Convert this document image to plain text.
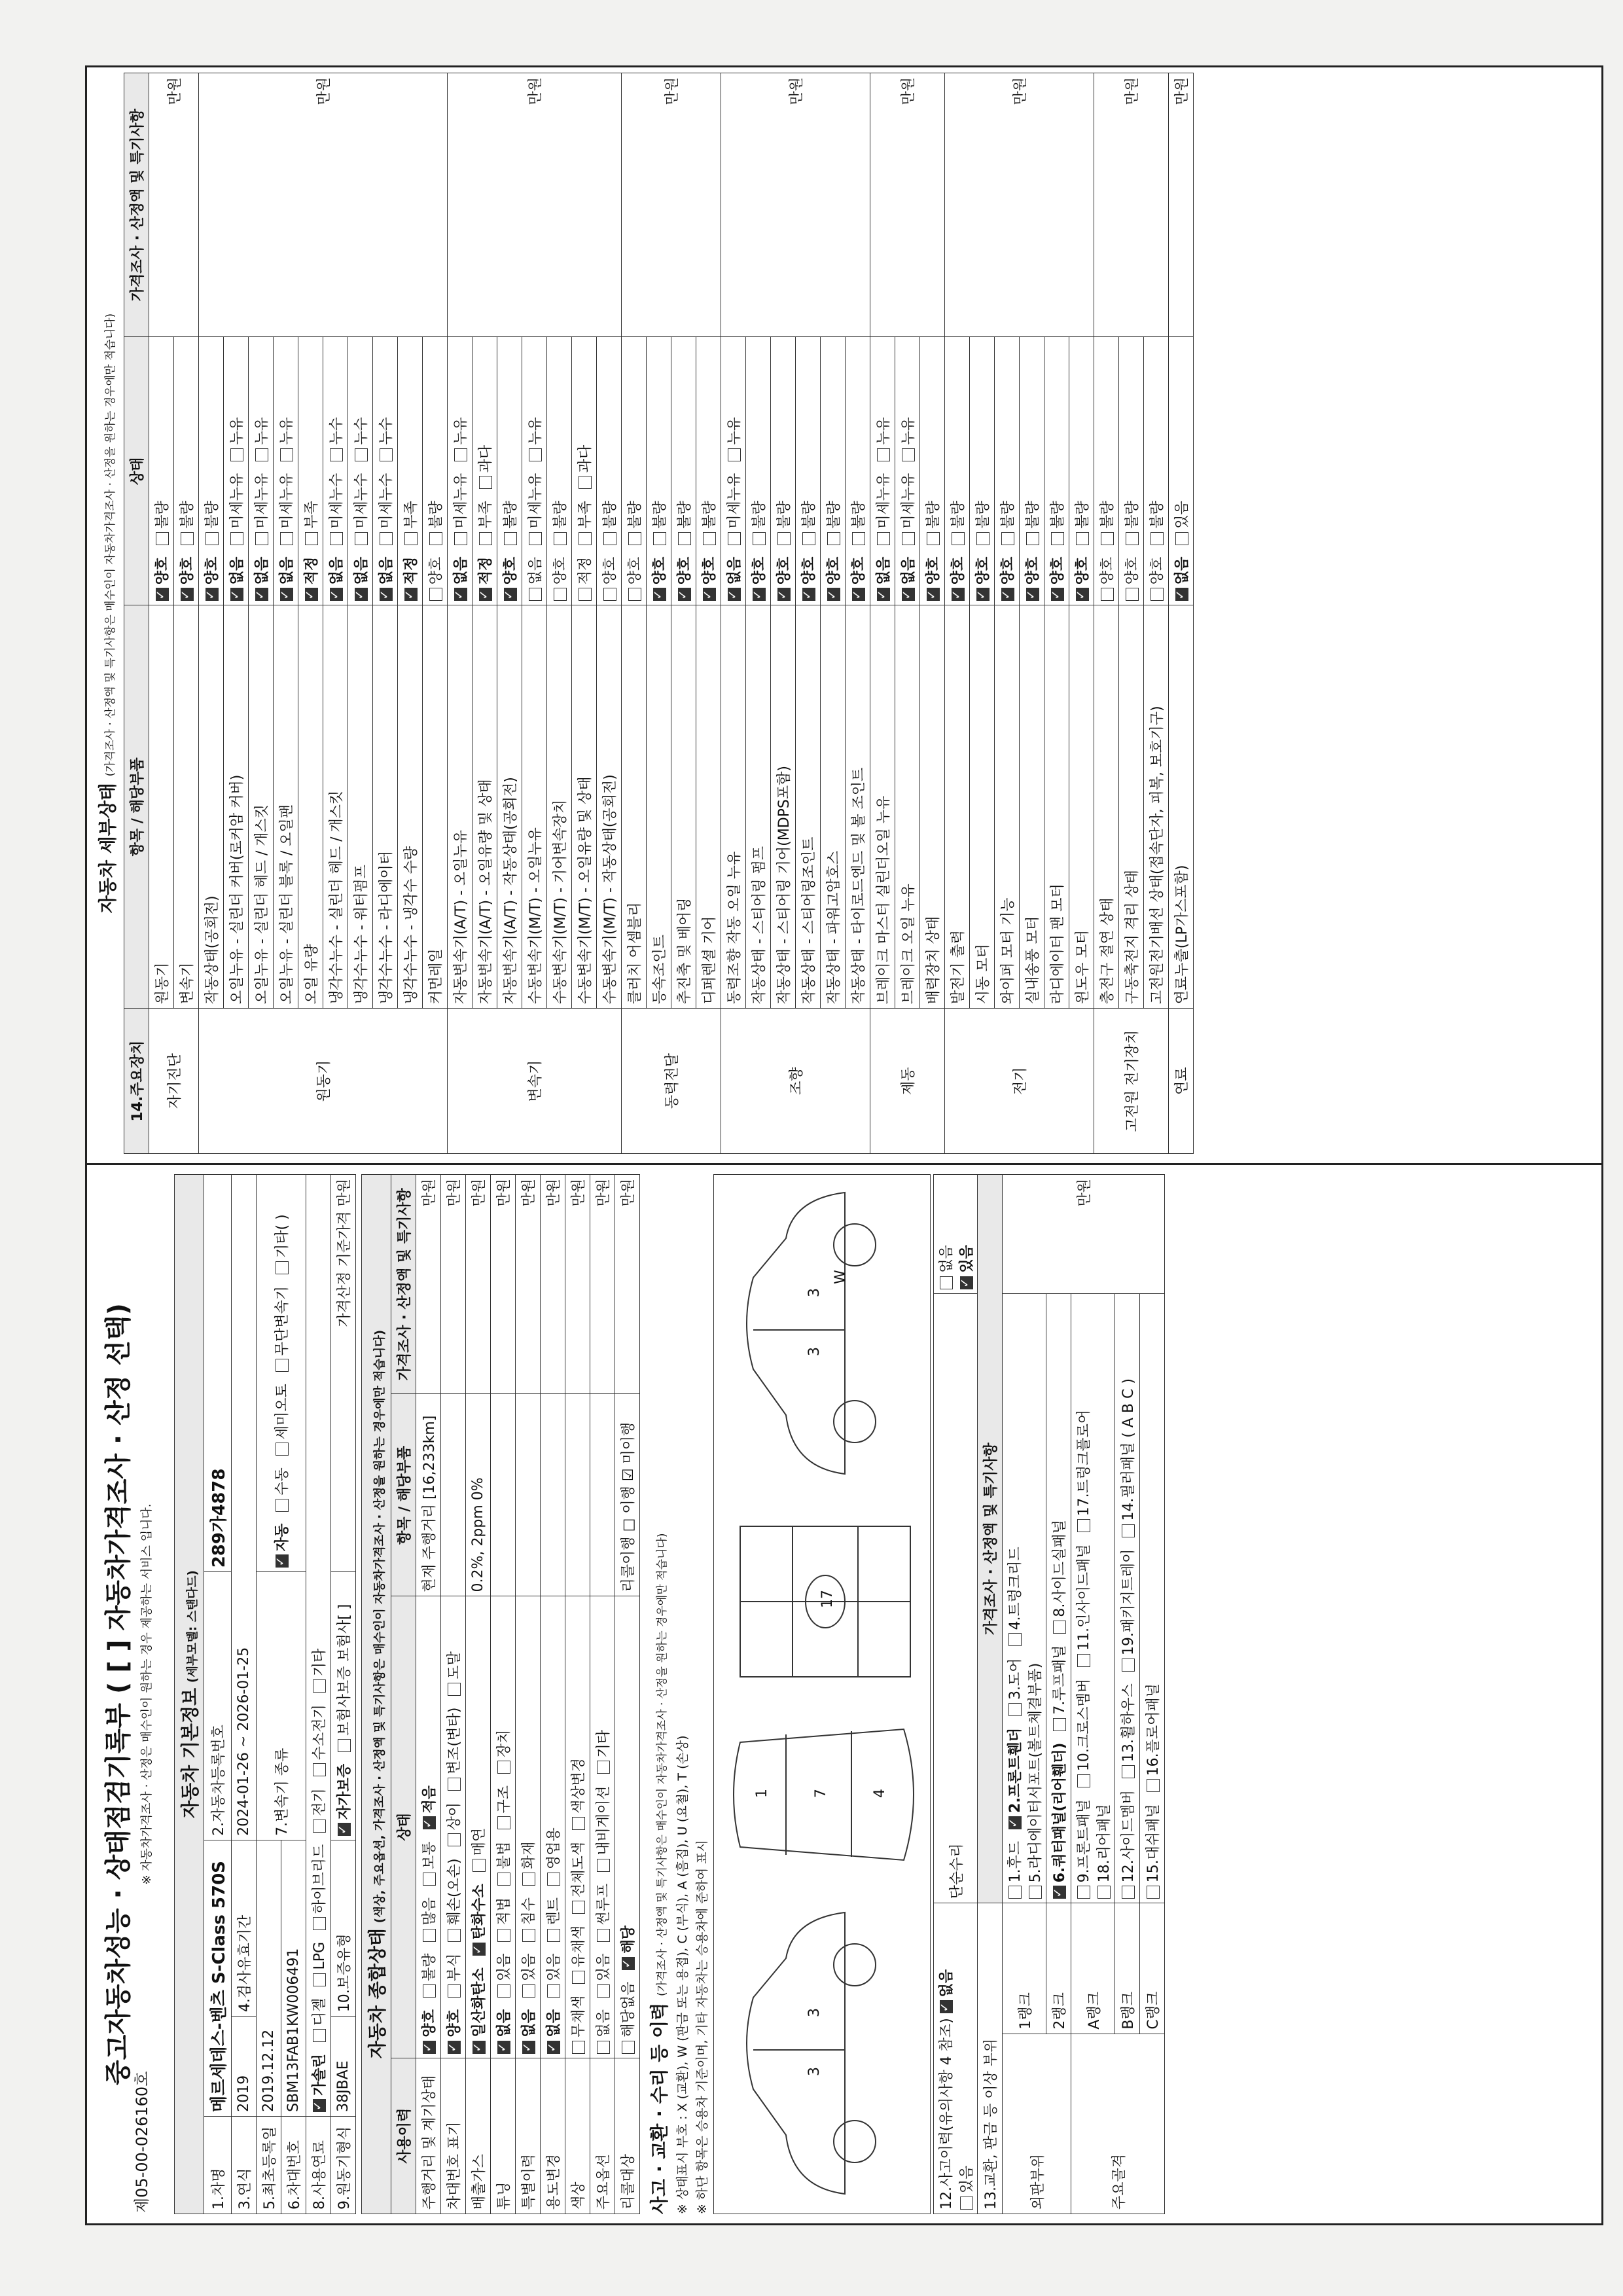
중고자동차성능 · 상태점검기록부 ( [ ] 자동차가격조사 · 산정 선택) ※ 자동차가격조사 · 산정은 매수인이 원하는 경우 제공하는 서비스 입니다.
제05-00-026160호
자동차 기본정보 (세부모델: 스탠다드)				
1.차명	메르세데스-벤츠 S-Class 570S		2.자동차등록번호	289가4878
3.연식	2019	4.검사유효기간	2024-01-26 ~ 2026-01-25	
5.최초등록일	2019.12.12		7.변속기 종류	✓자동수동세미오토무단변속기기타( )
6.차대번호	SBM13FAB1KW006491			
8.사용연료	✓가솔린디젤LPG하이브리드전기수소전기기타
9.원동기형식	38JBAE	10.보증유형	✓자가보증보험사보증 보험사[ ]	가격산정 기준가격 만원
자동차 종합상태 (색상, 주요옵션, 가격조사 · 산정액 및 특기사항은 매수인이 자동차가격조사 · 산정을 원하는 경우에만 적습니다)			
사용이력	상태	항목 / 해당부품	가격조사 · 산정액 및 특기사항
주행거리 및 계기상태	✓양호불량많음보통✓적음	현재 주행거리 [16,233km]	만원
차대번호 표기	✓양호부식훼손(오손)상이변조(변타)도말		만원
배출가스	✓일산화탄소✓탄화수소매연	0.2%, 2ppm 0%	만원
튜닝	✓없음있음적법불법구조장치		만원
특별이력	✓없음있음침수화재		만원
용도변경	✓없음있음렌트영업용		만원
색상	무채색유채색전체도색색상변경		만원
주요옵션	없음있음썬루프내비게이션기타		만원
리콜대상	해당없음✓해당	리콜이행 □ 이행 ☑ 미이행	만원
사고 · 교환 · 수리 등 이력 (가격조사 · 산정액 및 특기사항은 매수인이 자동차가격조사 · 산정을 원하는 경우에만 적습니다) ※ 상태표시 부호 : X (교환), W (판금 또는 용접), C (부식), A (흠집), U (요철), T (손상) ※ 하단 항목은 승용차 기준이며, 기타 자동차는 승용차에 준하여 표시	3
3
1	7	4
17
3
3
W
12.사고이력(유의사항 4 참조) ✓없음있음		단순수리	없음✓ 있음
13.교환, 판금 등 이상 부위		가격조사 · 산정액 및 특기사항	
외판부위	1랭크	1.후드✓2.프론트휀더3.도어4.트렁크리드5.라디에이터서포트(볼트체결부품)	만원
	2랭크	✓6.쿼터패널(리어휀더)7.루프패널8.사이드실패널
주요골격	A랭크	9.프론트패널10.크로스멤버11.인사이드패널17.트렁크플로어18.리어패널	
	B랭크	12.사이드멤버13.휠하우스19.패키지트레이14.필러패널 ( A B C )	
	C랭크	15.대쉬패널16.플로어패널	
자동차 세부상태 (가격조사 · 산정액 및 특기사항은 매수인이 자동차가격조사 · 산정을 원하는 경우에만 적습니다)
14.주요장치	항목 / 해당부품	상태	가격조사 · 산정액 및 특기사항
자기진단	원동기	✓양호불량	만원
	변속기	✓양호불량
원동기	작동상태(공회전)	✓양호불량	만원
	오일누유 - 실린더 커버(로커암 커버)	✓없음미세누유누유
	오일누유 - 실린더 헤드 / 개스킷	✓없음미세누유누유
	오일누유 - 실린더 블록 / 오일팬	✓없음미세누유누유
	오일 유량	✓적정부족
	냉각수누수 - 실린더 헤드 / 개스킷	✓없음미세누수누수
	냉각수누수 - 워터펌프	✓없음미세누수누수
	냉각수누수 - 라디에이터	✓없음미세누수누수
	냉각수누수 - 냉각수 수량	✓적정부족
	커먼레일	양호불량	
변속기	자동변속기(A/T) - 오일누유	✓없음미세누유누유	만원
	자동변속기(A/T) - 오일유량 및 상태	✓적정부족과다
	자동변속기(A/T) - 작동상태(공회전)	✓양호불량
	수동변속기(M/T) - 오일누유	없음미세누유누유	
	수동변속기(M/T) - 기어변속장치	양호불량	
	수동변속기(M/T) - 오일유량 및 상태	적정부족과다	
	수동변속기(M/T) - 작동상태(공회전)	양호불량	
동력전달	클러치 어셈블리	양호불량	만원
	등속조인트	✓양호불량
	추진축 및 베어링	✓양호불량
	디퍼렌셜 기어	✓양호불량
조향	동력조향 작동 오일 누유	✓없음미세누유누유	만원
	작동상태 - 스티어링 펌프	✓양호불량
	작동상태 - 스티어링 기어(MDPS포함)	✓양호불량
	작동상태 - 스티어링조인트	✓양호불량
	작동상태 - 파워고압호스	✓양호불량
	작동상태 - 타이로드엔드 및 볼 조인트	✓양호불량
제동	브레이크 마스터 실린더오일 누유	✓없음미세누유누유	만원
	브레이크 오일 누유	✓없음미세누유누유
	배력장치 상태	✓양호불량
전기	발전기 출력	✓양호불량	만원
	시동 모터	✓양호불량
	와이퍼 모터 기능	✓양호불량
	실내송풍 모터	✓양호불량
	라디에이터 팬 모터	✓양호불량
	윈도우 모터	✓양호불량
고전원 전기장치	충전구 절연 상태	양호불량	만원
	구동축전지 격리 상태	양호불량	
	고전원전기배선 상태(접속단자, 피복, 보호기구)	양호불량	
연료	연료누출(LP가스포함)	✓없음있음	만원
